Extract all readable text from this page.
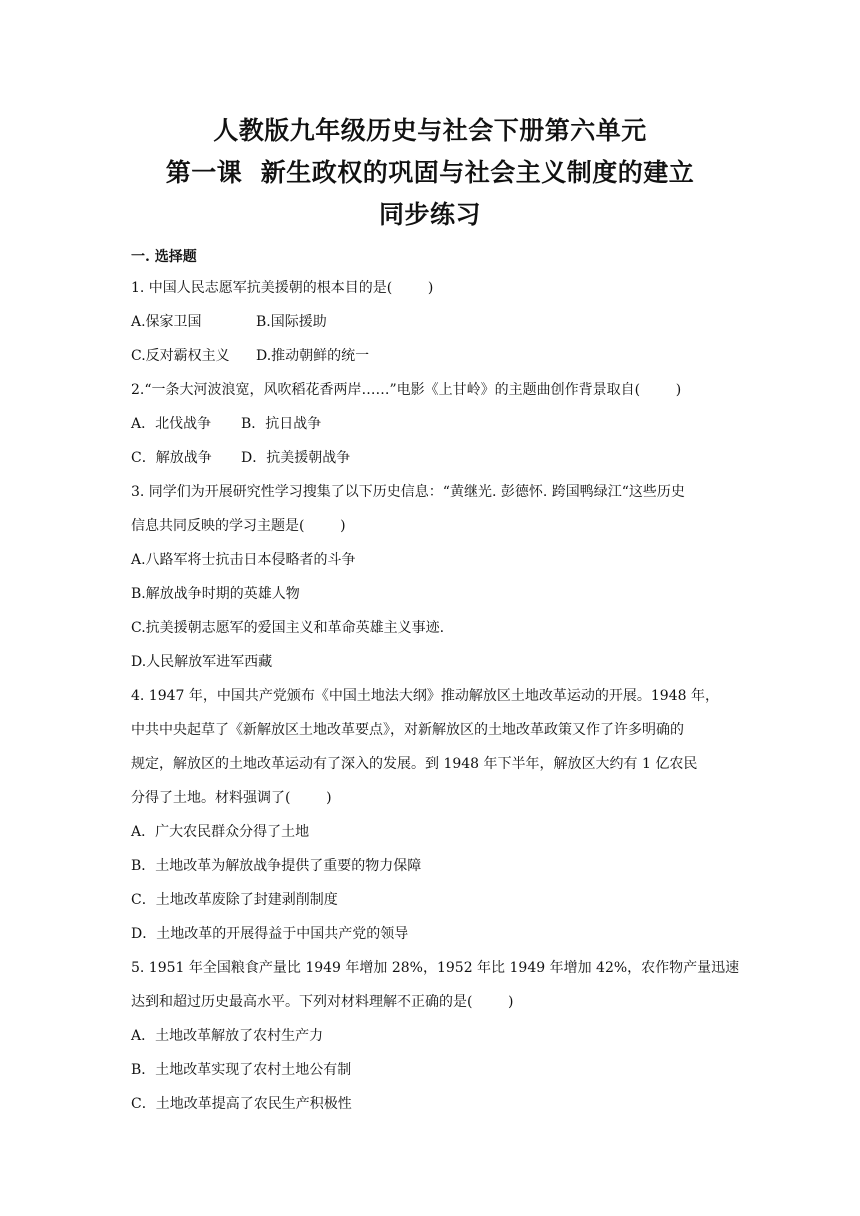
人教版九年级历史与社会下册第六单元
第一课  新生政权的巩固与社会主义制度的建立
同步练习
一. 选择题
1. 中国人民志愿军抗美援朝的根本目的是(        )
A.保家卫国	B.国际援助
C.反对霸权主义	D.推动朝鲜的统一
2.“一条大河波浪宽，风吹稻花香两岸……”电影《上甘岭》的主题曲创作背景取自(        )
A．北伐战争	B．抗日战争
C．解放战争	D．抗美援朝战争
3. 同学们为开展研究性学习搜集了以下历史信息：“黄继光. 彭德怀. 跨国鸭绿江“这些历史
信息共同反映的学习主题是(        )
A.八路军将士抗击日本侵略者的斗争
B.解放战争时期的英雄人物
C.抗美援朝志愿军的爱国主义和革命英雄主义事迹.
D.人民解放军进军西藏
4. 1947 年，中国共产党颁布《中国土地法大纲》推动解放区土地改革运动的开展。1948 年，
中共中央起草了《新解放区土地改革要点》，对新解放区的土地改革政策又作了许多明确的
规定，解放区的土地改革运动有了深入的发展。到 1948 年下半年，解放区大约有 1 亿农民
分得了土地。材料强调了(        )
A．广大农民群众分得了土地
B．土地改革为解放战争提供了重要的物力保障
C．土地改革废除了封建剥削制度
D．土地改革的开展得益于中国共产党的领导
5. 1951 年全国粮食产量比 1949 年增加 28%，1952 年比 1949 年增加 42%，农作物产量迅速
达到和超过历史最高水平。下列对材料理解不正确的是(        )
A．土地改革解放了农村生产力
B．土地改革实现了农村土地公有制
C．土地改革提高了农民生产积极性
